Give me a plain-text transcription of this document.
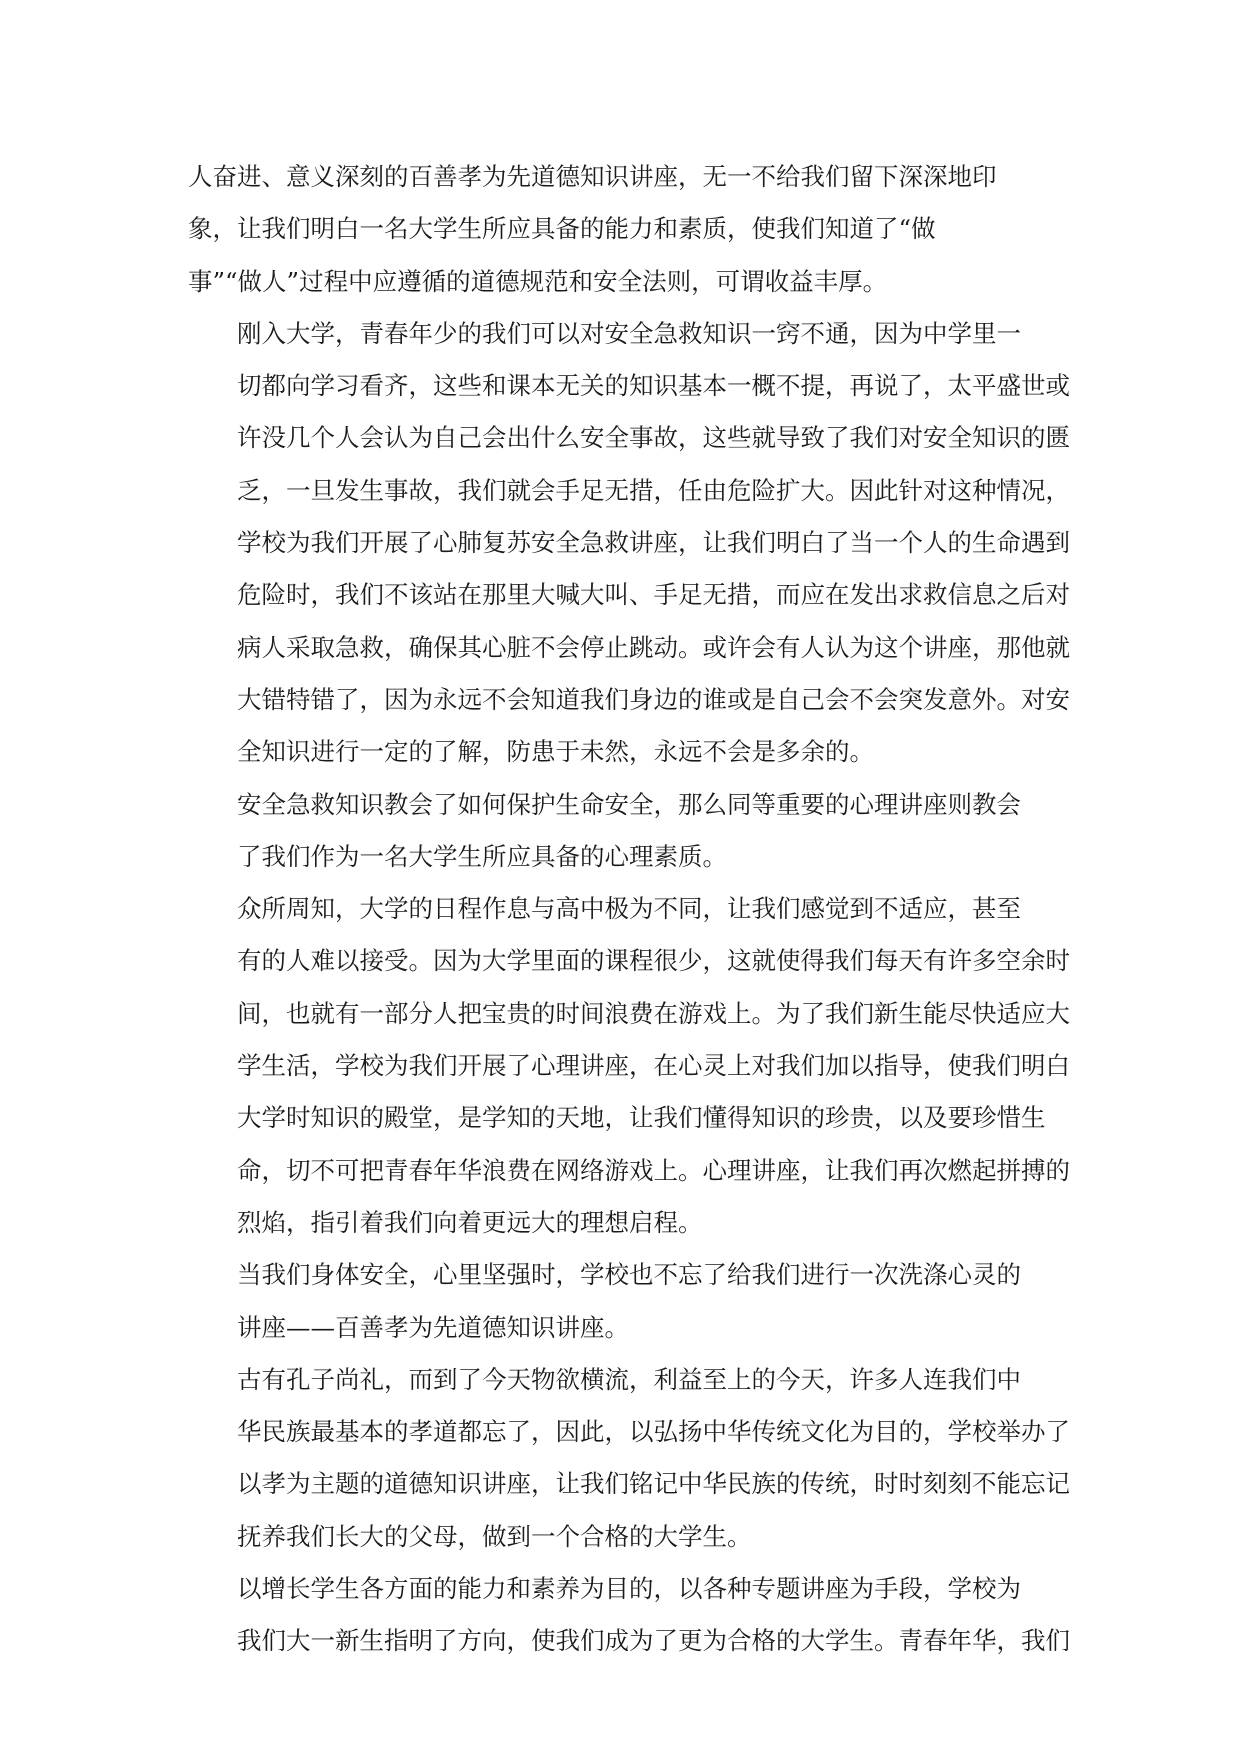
人奋进、意义深刻的百善孝为先道德知识讲座，无一不给我们留下深深地印
象，让我们明白一名大学生所应具备的能力和素质，使我们知道了“做
事”“做人”过程中应遵循的道德规范和安全法则，可谓收益丰厚。

刚入大学，青春年少的我们可以对安全急救知识一窍不通，因为中学里一
切都向学习看齐，这些和课本无关的知识基本一概不提，再说了，太平盛世或
许没几个人会认为自己会出什么安全事故，这些就导致了我们对安全知识的匮
乏，一旦发生事故，我们就会手足无措，任由危险扩大。因此针对这种情况，
学校为我们开展了心肺复苏安全急救讲座，让我们明白了当一个人的生命遇到
危险时，我们不该站在那里大喊大叫、手足无措，而应在发出求救信息之后对
病人采取急救，确保其心脏不会停止跳动。或许会有人认为这个讲座，那他就
大错特错了，因为永远不会知道我们身边的谁或是自己会不会突发意外。对安
全知识进行一定的了解，防患于未然，永远不会是多余的。

安全急救知识教会了如何保护生命安全，那么同等重要的心理讲座则教会
了我们作为一名大学生所应具备的心理素质。

众所周知，大学的日程作息与高中极为不同，让我们感觉到不适应，甚至
有的人难以接受。因为大学里面的课程很少，这就使得我们每天有许多空余时
间，也就有一部分人把宝贵的时间浪费在游戏上。为了我们新生能尽快适应大
学生活，学校为我们开展了心理讲座，在心灵上对我们加以指导，使我们明白
大学时知识的殿堂，是学知的天地，让我们懂得知识的珍贵，以及要珍惜生
命，切不可把青春年华浪费在网络游戏上。心理讲座，让我们再次燃起拼搏的
烈焰，指引着我们向着更远大的理想启程。

当我们身体安全，心里坚强时，学校也不忘了给我们进行一次洗涤心灵的
讲座——百善孝为先道德知识讲座。

古有孔子尚礼，而到了今天物欲横流，利益至上的今天，许多人连我们中
华民族最基本的孝道都忘了，因此，以弘扬中华传统文化为目的，学校举办了
以孝为主题的道德知识讲座，让我们铭记中华民族的传统，时时刻刻不能忘记
抚养我们长大的父母，做到一个合格的大学生。

以增长学生各方面的能力和素养为目的，以各种专题讲座为手段，学校为
我们大一新生指明了方向，使我们成为了更为合格的大学生。青春年华，我们
